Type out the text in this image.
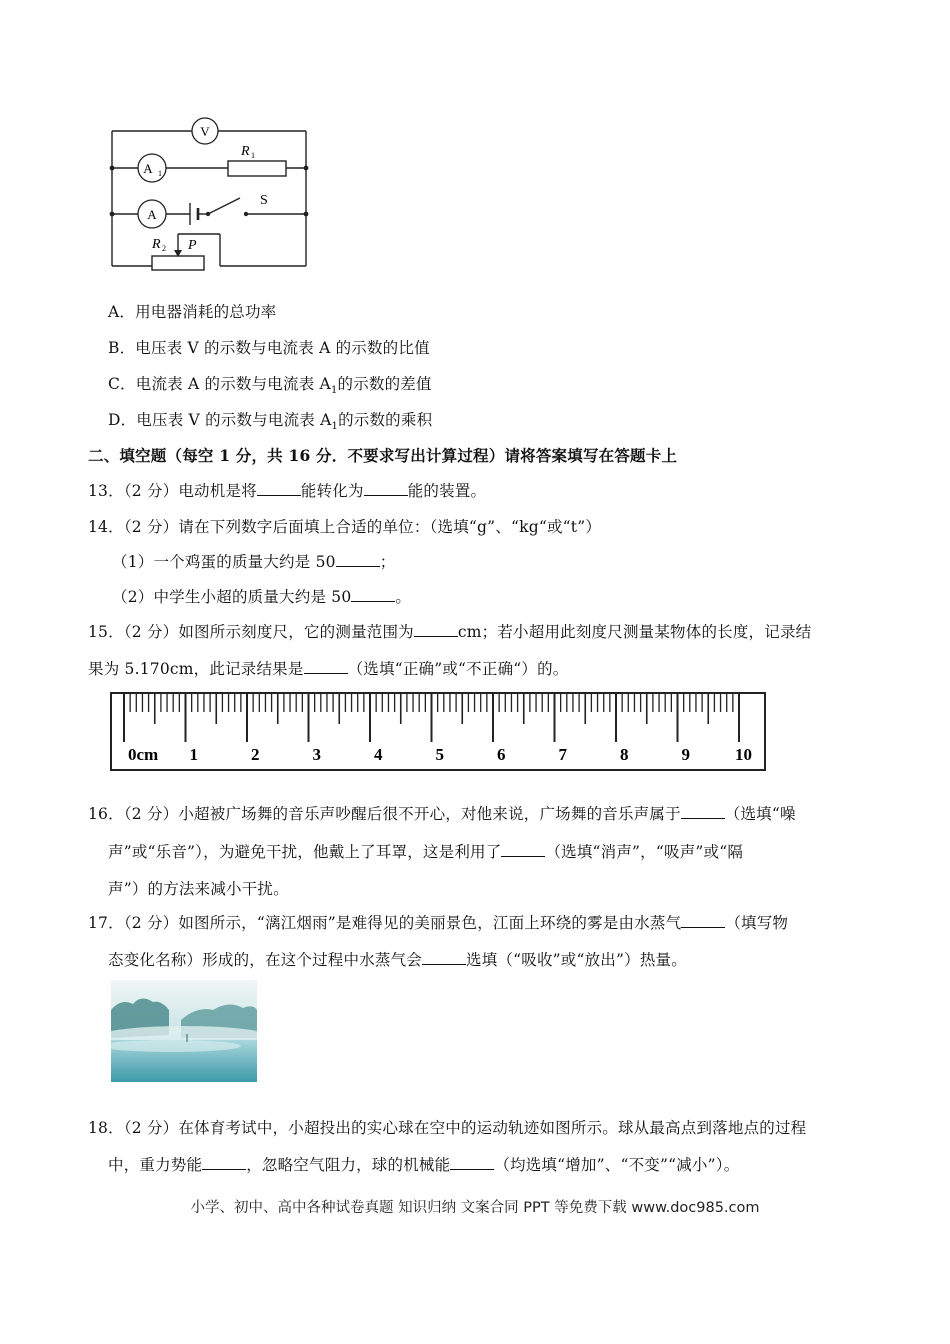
V
A 1
A
R 1
R 2 P
S
A．用电器消耗的总功率
B．电压表 V 的示数与电流表 A 的示数的比值
C．电流表 A 的示数与电流表 $A_1$的示数的差值
D．电压表 V 的示数与电流表 $A_1$的示数的乘积
二、填空题（每空 1 分，共 16 分．不要求写出计算过程）请将答案填写在答题卡上
13．（2 分）电动机是将	能转化为	能的装置。
14．（2 分）请在下列数字后面填上合适的单位：（选填“g”、“kg“或“t”）
（1）一个鸡蛋的质量大约是 50	；
（2）中学生小超的质量大约是 50	。
15．（2 分）如图所示刻度尺，它的测量范围为	cm；若小超用此刻度尺测量某物体的长度，记录结
果为 5.170cm，此记录结果是	（选填“正确”或“不正确“）的。
0cm 1	2	3	4	5	6	7	8	9	10
16．（2 分）小超被广场舞的音乐声吵醒后很不开心，对他来说，广场舞的音乐声属于	（选填“噪
声”或“乐音”），为避免干扰，他戴上了耳罩，这是利用了	（选填“消声”，“吸声”或“隔
声”）的方法来减小干扰。
17．（2 分）如图所示，“漓江烟雨”是难得见的美丽景色，江面上环绕的雾是由水蒸气	（填写物
态变化名称）形成的，在这个过程中水蒸气会	选填（“吸收”或“放出”）热量。
18．（2 分）在体育考试中，小超投出的实心球在空中的运动轨迹如图所示。球从最高点到落地点的过程
中，重力势能	，忽略空气阻力，球的机械能	（均选填“增加”、“不变”“减小”）。
小学、初中、高中各种试卷真题 知识归纳 文案合同 PPT 等免费下载 www.doc985.com
